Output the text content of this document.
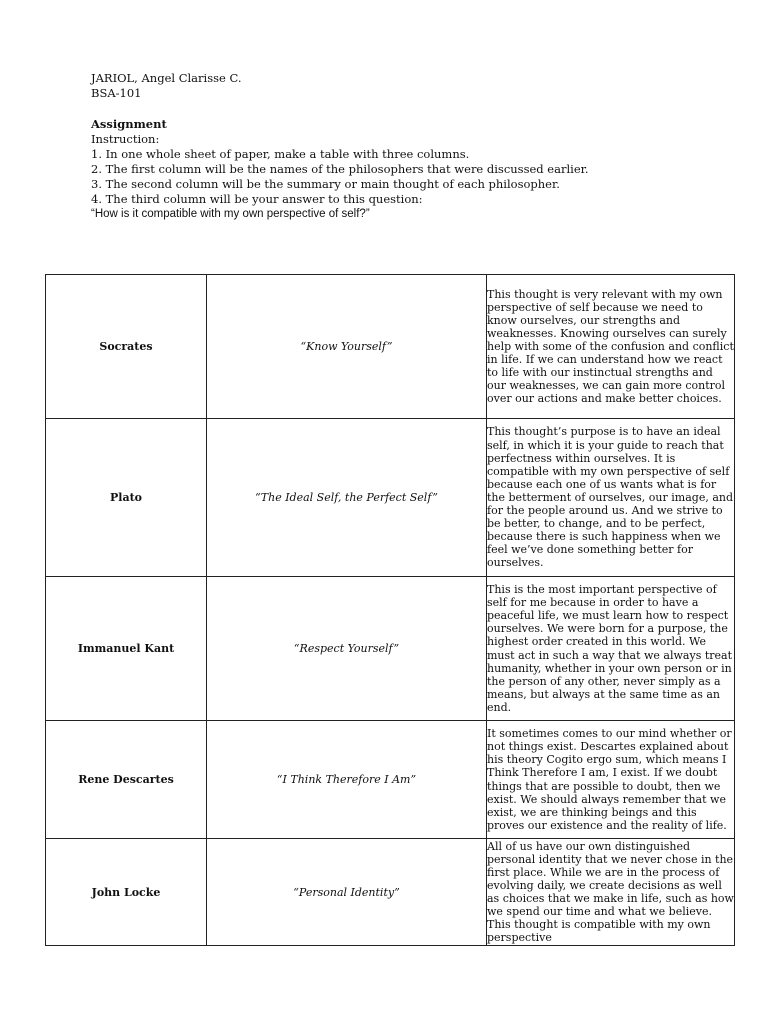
JARIOL, Angel Clarisse C.
BSA-101
Assignment
Instruction:
1. In one whole sheet of paper, make a table with three columns.
2. The first column will be the names of the philosophers that were discussed earlier.
3. The second column will be the summary or main thought of each philosopher.
4. The third column will be your answer to this question:
“How is it compatible with my own perspective of self?”
Socrates	“Know Yourself”	This thought is very relevant with my own perspective of self because we need to know ourselves, our strengths and weaknesses. Knowing ourselves can surely help with some of the confusion and conflict in life. If we can understand how we react to life with our instinctual strengths and our weaknesses, we can gain more control over our actions and make better choices.

Plato	“The Ideal Self, the Perfect Self”	This thought’s purpose is to have an ideal self, in which it is your guide to reach that perfectness within ourselves. It is compatible with my own perspective of self because each one of us wants what is for the betterment of ourselves, our image, and for the people around us. And we strive to be better, to change, and to be perfect, because there is such happiness when we feel we’ve done something better for ourselves.

Immanuel Kant	“Respect Yourself”	This is the most important perspective of self for me because in order to have a peaceful life, we must learn how to respect ourselves. We were born for a purpose, the highest order created in this world. We must act in such a way that we always treat humanity, whether in your own person or in the person of any other, never simply as a means, but always at the same time as an end.

Rene Descartes	“I Think Therefore I Am”	It sometimes comes to our mind whether or not things exist. Descartes explained about his theory Cogito ergo sum, which means I Think Therefore I am, I exist. If we doubt things that are possible to doubt, then we exist. We should always remember that we exist, we are thinking beings and this proves our existence and the reality of life.

John Locke	“Personal Identity”	All of us have our own distinguished personal identity that we never chose in the first place. While we are in the process of evolving daily, we create decisions as well as choices that we make in life, such as how we spend our time and what we believe. This thought is compatible with my own perspective
